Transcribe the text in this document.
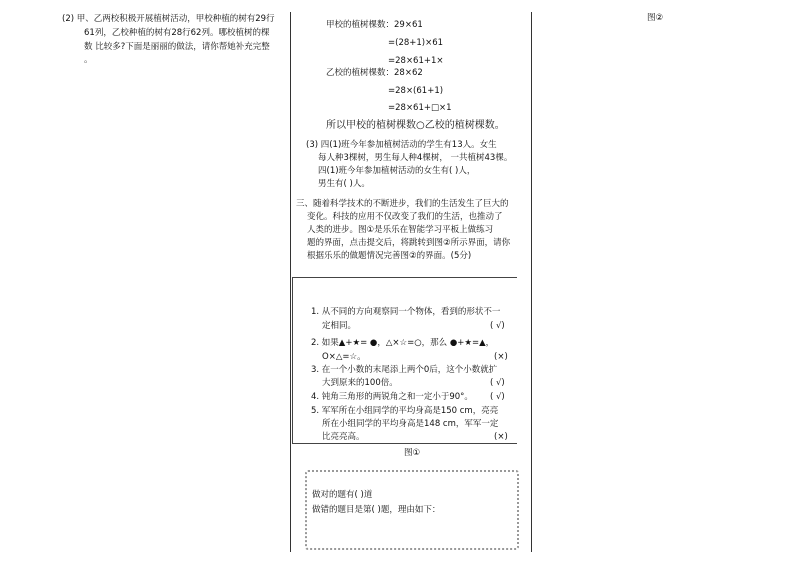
(2) 甲、乙两校积极开展植树活动，甲校种植的树有29行
61列，乙校种植的树有28行62列。哪校植树的棵
数 比较多?下面是丽丽的做法，请你帮她补充完整
。
甲校的植树棵数：29×61
=(28+1)×61
=28×61+1×
乙校的植树棵数：28×62
=28×(61+1)
=28×61+□×1
所以甲校的植树棵数○乙校的植树棵数。
(3) 四(1)班今年参加植树活动的学生有13人。女生
每人种3棵树，男生每人种4棵树， 一共植树43棵。
四(1)班今年参加植树活动的女生有( )人，
男生有( )人。
三、随着科学技术的不断进步，我们的生活发生了巨大的
变化。科技的应用不仅改变了我们的生活，也推动了
人类的进步。图①是乐乐在智能学习平板上做练习
题的界面，点击提交后，将跳转到图②所示界面，请你
根据乐乐的做题情况完善图②的界面。(5分)
1. 从不同的方向观察同一个物体，看到的形状不一
定相同。	( √)
2. 如果▲+★= ●，△×☆=○，那么 ●+★=▲，
O×△=☆。	(×)
3. 在一个小数的末尾添上两个0后，这个小数就扩
大到原来的100倍。	( √)
4. 钝角三角形的两锐角之和一定小于90°。 ( √)
5. 军军所在小组同学的平均身高是150 cm，亮亮
所在小组同学的平均身高是148 cm，军军一定
比亮亮高。	(×)
图①
做对的题有( )道
做错的题目是第( )题，理由如下：
图②
